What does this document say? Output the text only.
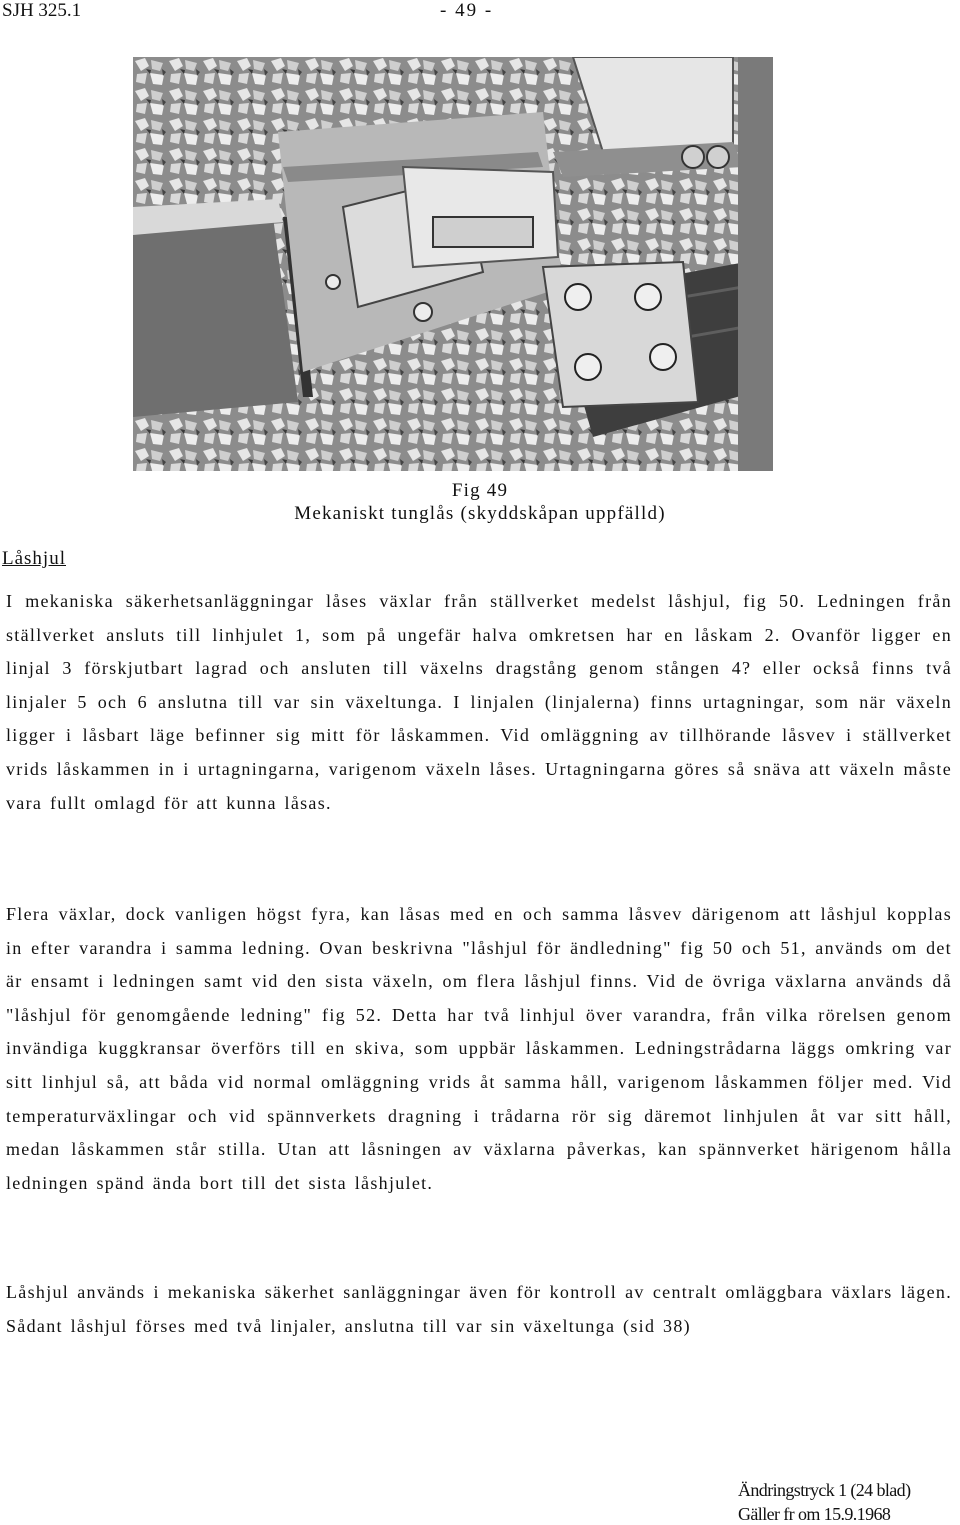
SJH 325.1	- 49 -
Fig 49
Mekaniskt tunglås (skyddskåpan uppfälld)
Låshjul

I mekaniska säkerhetsanläggningar låses växlar från ställverket medelst låshjul, fig 50. Ledningen från ställverket ansluts till linhjulet 1, som på ungefär halva omkretsen har en låskam 2. Ovanför ligger en linjal 3 förskjutbart lagrad och ansluten till växelns dragstång genom stången 4? eller också finns två linjaler 5 och 6 anslutna till var sin växeltunga. I linjalen (linjalerna) finns urtagningar, som när växeln ligger i låsbart läge befinner sig mitt för låskammen. Vid omläggning av tillhörande låsvev i ställverket vrids låskammen in i urtagningarna, varigenom växeln låses. Urtagningarna göres så snäva att växeln måste vara fullt omlagd för att kunna låsas.

Flera växlar, dock vanligen högst fyra, kan låsas med en och samma låsvev därigenom att låshjul kopplas in efter varandra i samma ledning. Ovan beskrivna "låshjul för ändledning" fig 50 och 51, används om det är ensamt i ledningen samt vid den sista växeln, om flera låshjul finns. Vid de övriga växlarna används då "låshjul för genomgående ledning" fig 52. Detta har två linhjul över varandra, från vilka rörelsen genom invändiga kuggkransar överförs till en skiva, som uppbär låskammen. Ledningstrådarna läggs omkring var sitt linhjul så, att båda vid normal omläggning vrids åt samma håll, varigenom låskammen följer med. Vid temperaturväxlingar och vid spännverkets dragning i trådarna rör sig däremot linhjulen åt var sitt håll, medan låskammen står stilla. Utan att låsningen av växlarna påverkas, kan spännverket härigenom hålla ledningen spänd ända bort till det sista låshjulet.

Låshjul används i mekaniska säkerhet sanläggningar även för kontroll av centralt omläggbara växlars lägen. Sådant låshjul förses med två linjaler, anslutna till var sin växeltunga (sid 38)

Ändringstryck 1 (24 blad)
Gäller fr om 15.9.1968
